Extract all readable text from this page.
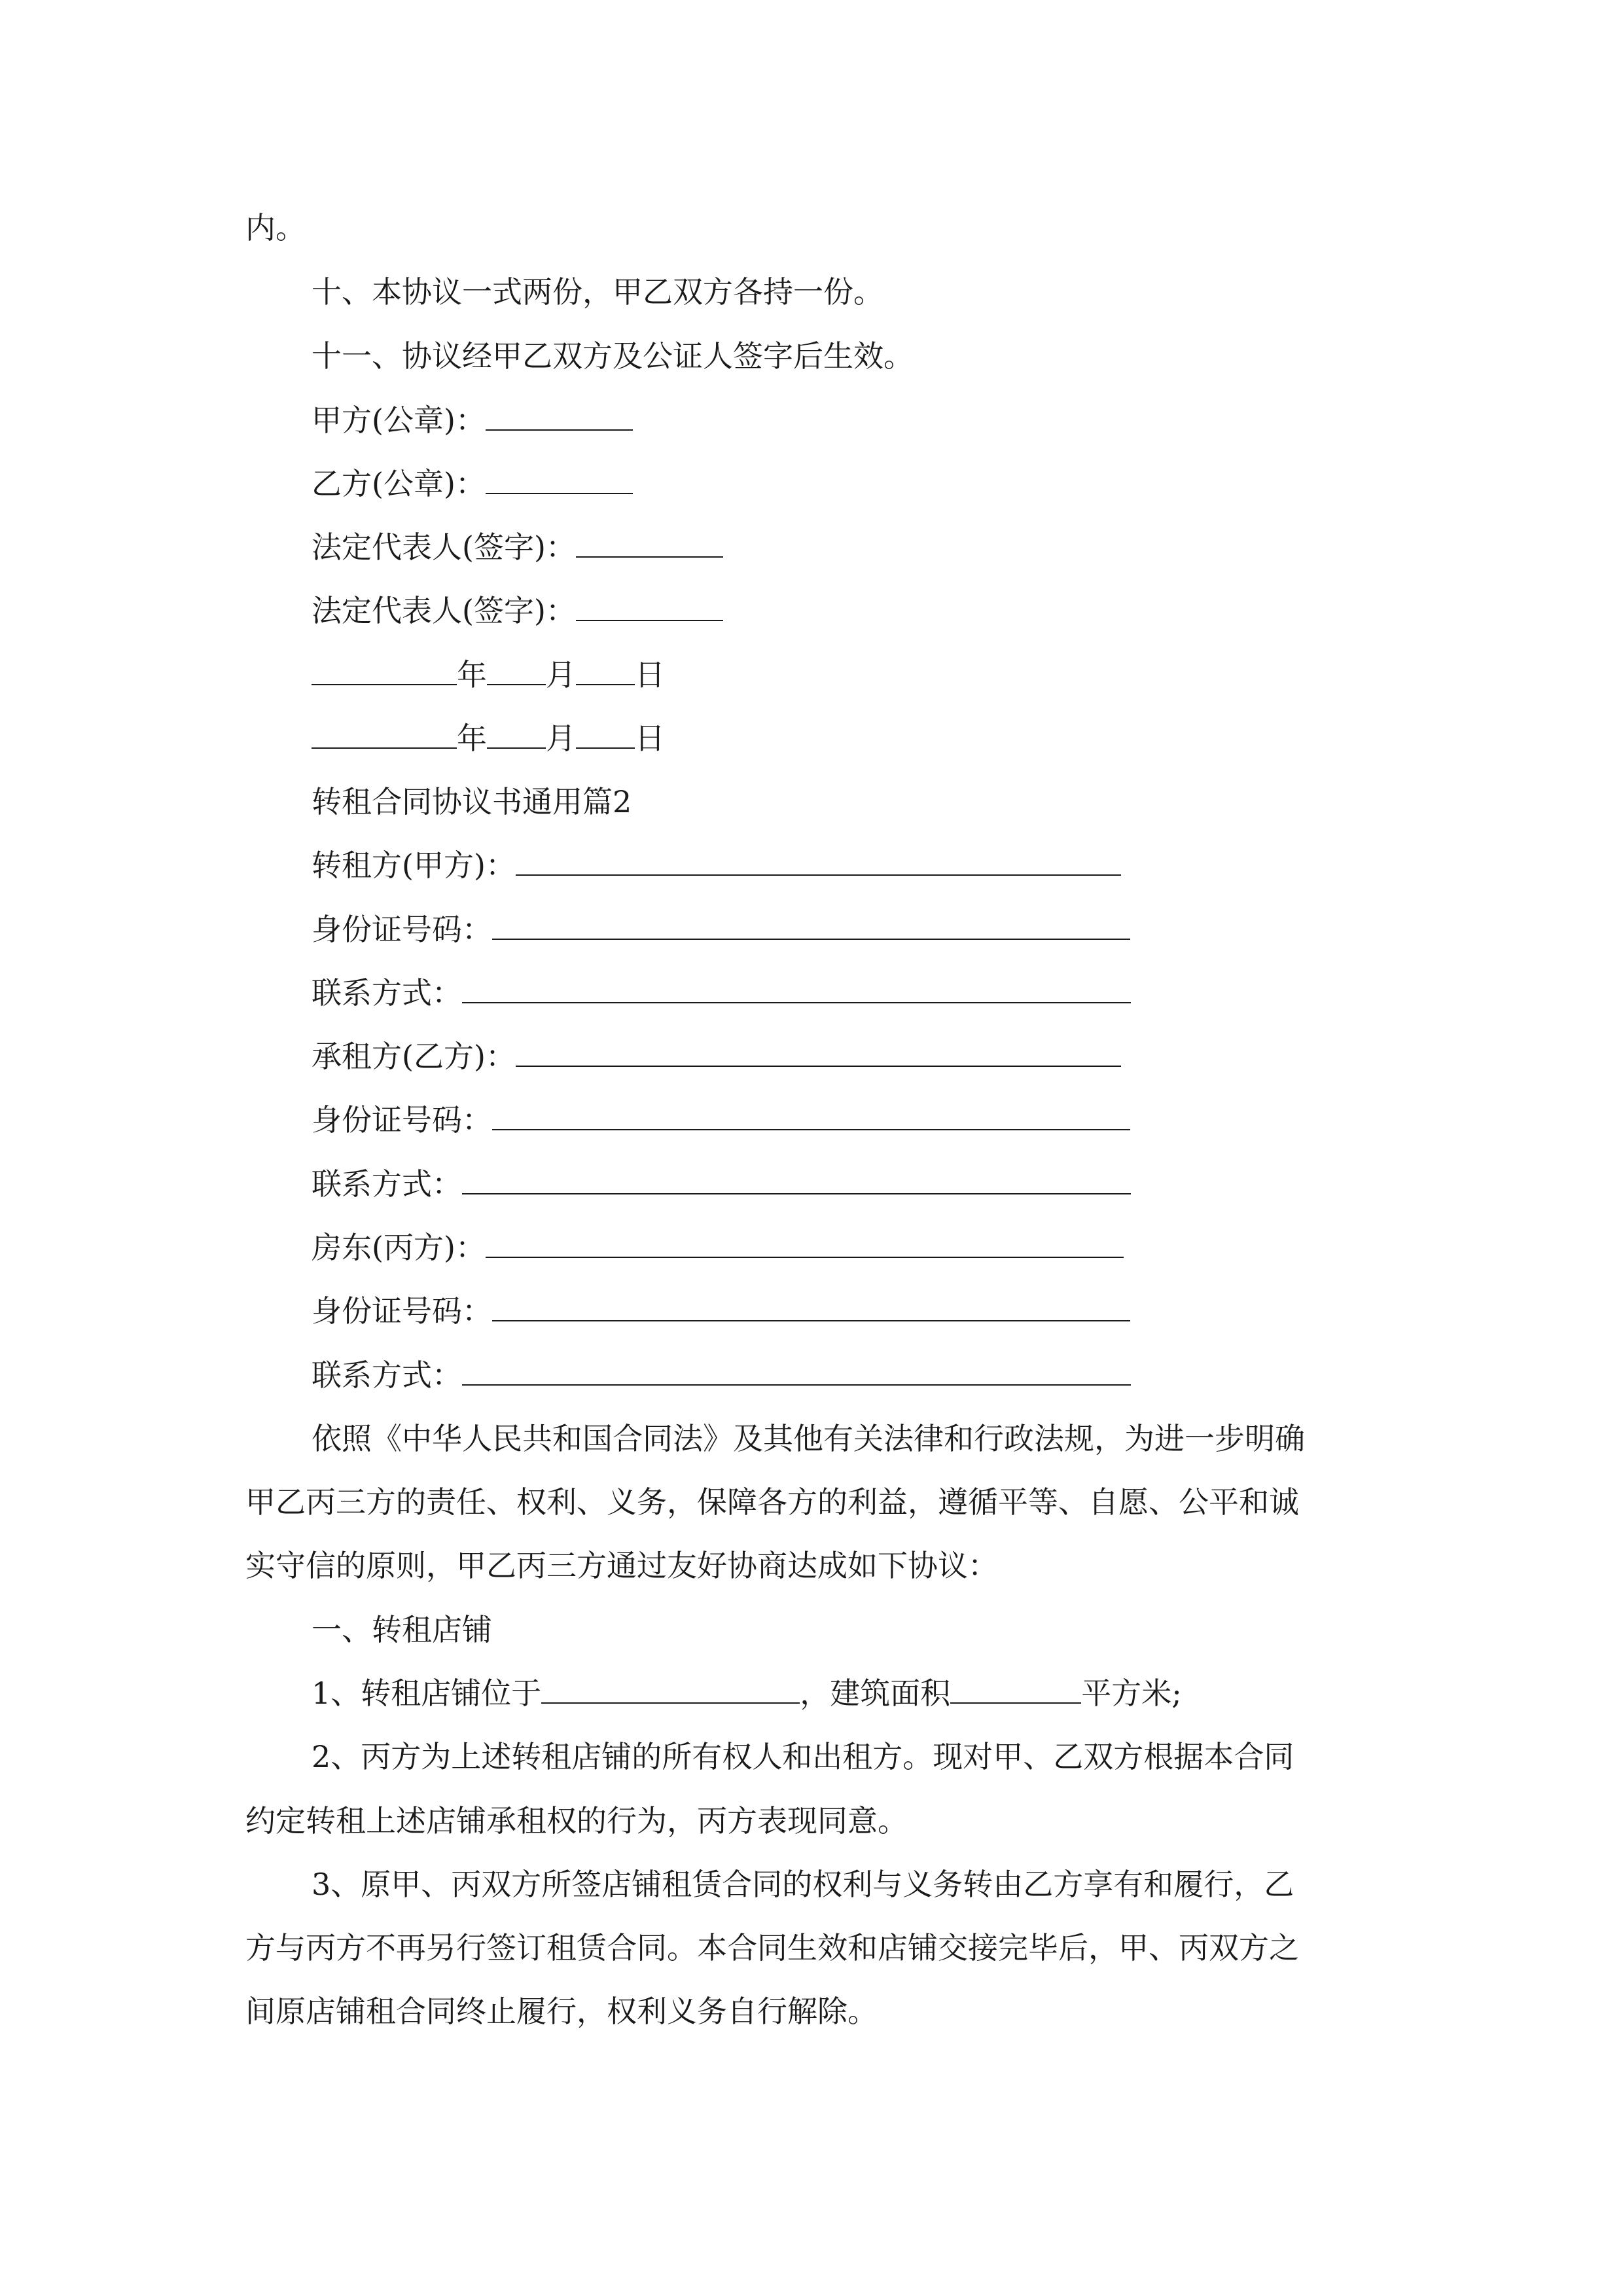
内。
十、本协议一式两份，甲乙双方各持一份。
十一、协议经甲乙双方及公证人签字后生效。
甲方(公章)：
乙方(公章)：
法定代表人(签字)：
法定代表人(签字)：
年 月 日
年 月 日
转租合同协议书通用篇2
转租方(甲方)：
身份证号码：
联系方式：
承租方(乙方)：
身份证号码：
联系方式：
房东(丙方)：
身份证号码：
联系方式：
依照《中华人民共和国合同法》及其他有关法律和行政法规，为进一步明确
甲乙丙三方的责任、权利、义务，保障各方的利益，遵循平等、自愿、公平和诚
实守信的原则，甲乙丙三方通过友好协商达成如下协议：
一、转租店铺
1、转租店铺位于	，建筑面积	平方米;
2、丙方为上述转租店铺的所有权人和出租方。现对甲、乙双方根据本合同
约定转租上述店铺承租权的行为，丙方表现同意。
3、原甲、丙双方所签店铺租赁合同的权利与义务转由乙方享有和履行，乙
方与丙方不再另行签订租赁合同。本合同生效和店铺交接完毕后，甲、丙双方之
间原店铺租合同终止履行，权利义务自行解除。
